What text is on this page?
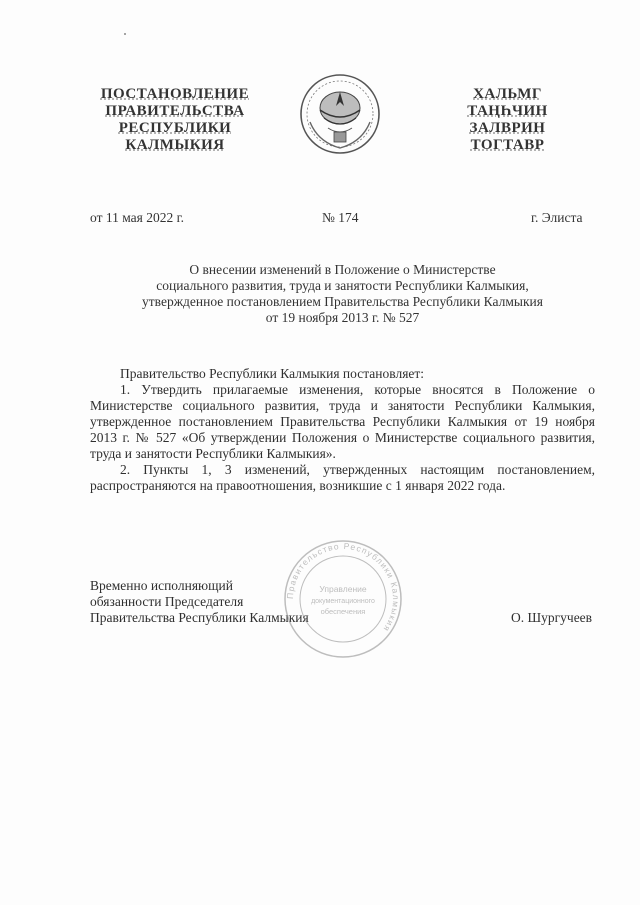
ПОСТАНОВЛЕНИЕ
ПРАВИТЕЛЬСТВА
РЕСПУБЛИКИ
КАЛМЫКИЯ
ХАЛЬМГ
ТАҢҺЧИН
ЗАЛВРИН
ТОГТАВР
от 11 мая 2022 г.	№ 174	г. Элиста
О внесении изменений в Положение о Министерстве
социального развития, труда и занятости Республики Калмыкия,
утвержденное постановлением Правительства Республики Калмыкия
от 19 ноября 2013 г. № 527

Правительство Республики Калмыкия постановляет:

1. Утвердить прилагаемые изменения, которые вносятся в Положение о Министерстве социального развития, труда и занятости Республики Калмыкия, утвержденное постановлением Правительства Республики Калмыкия от 19 ноября 2013 г. № 527 «Об утверждении Положения о Министерстве социального развития, труда и занятости Республики Калмыкия».

2. Пункты 1, 3 изменений, утвержденных настоящим постановлением, распространяются на правоотношения, возникшие с 1 января 2022 года.

Временно исполняющий
обязанности Председателя
Правительства Республики Калмыкия
Правительство Республики Калмыкия
Управление
документационного
обеспечения	О. Шургучеев
